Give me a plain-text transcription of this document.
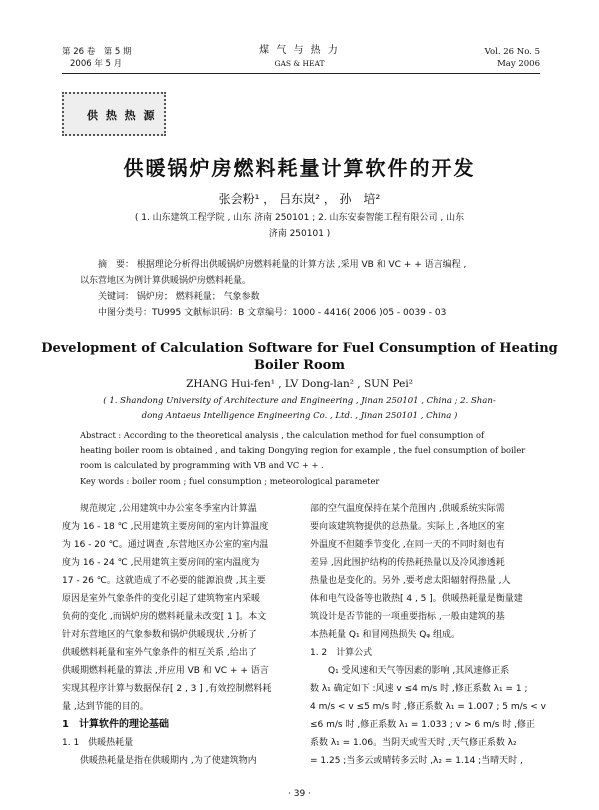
第 26 卷　第 5 期
2006 年 5 月
煤 气 与 热 力
GAS & HEAT
Vol. 26 No. 5
May 2006
供 热 热 源
供暖锅炉房燃料耗量计算软件的开发
张会粉¹ ， 吕东岚² ， 孙　培²
( 1. 山东建筑工程学院 , 山东 济南 250101 ; 2. 山东安泰智能工程有限公司 , 山东
济南 250101 )
摘　要： 根据理论分析得出供暖锅炉房燃料耗量的计算方法 ,采用 VB 和 VC + + 语言编程 ,
以东营地区为例计算供暖锅炉房燃料耗量。
关键词： 锅炉房； 燃料耗量； 气象参数
中图分类号：TU995 文献标识码：B 文章编号：1000 - 4416( 2006 )05 - 0039 - 03
Development of Calculation Software for Fuel Consumption of Heating
Boiler Room
ZHANG Hui-fen¹ , LV Dong-lan² , SUN Pei²
( 1. Shandong University of Architecture and Engineering , Jinan 250101 , China ; 2. Shan-
dong Antaeus Intelligence Engineering Co. , Ltd. , Jinan 250101 , China )
Abstract : According to the theoretical analysis , the calculation method for fuel consumption of
heating boiler room is obtained , and taking Dongying region for example , the fuel consumption of boiler
room is calculated by programming with VB and VC + + .
Key words : boiler room ; fuel consumption ; meteorological parameter

规范规定 ,公用建筑中办公室冬季室内计算温

度为 16 - 18 ℃ ,民用建筑主要房间的室内计算温度

为 16 - 20 ℃。通过调查 ,东营地区办公室的室内温

度为 16 - 24 ℃ ,民用建筑主要房间的室内温度为

17 - 26 ℃。这就造成了不必要的能源浪费 ,其主要

原因是室外气象条件的变化引起了建筑物室内采暖

负荷的变化 ,而锅炉房的燃料耗量未改变[ 1 ]。本文

针对东营地区的气象参数和锅炉供暖现状 ,分析了

供暖燃料耗量和室外气象条件的相互关系 ,给出了

供暖期燃料耗量的算法 ,并应用 VB 和 VC + + 语言

实现其程序计算与数据保存[ 2 , 3 ] ,有效控制燃料耗

量 ,达到节能的目的。

1　计算软件的理论基础

1. 1　供暖热耗量

供暖热耗量是指在供暖期内 ,为了使建筑物内

部的空气温度保持在某个范围内 ,供暖系统实际需

要向该建筑物提供的总热量。实际上 ,各地区的室

外温度不但随季节变化 ,在同一天的不同时刻也有

差异 ,因此围护结构的传热耗热量以及冷风渗透耗

热量也是变化的。另外 ,要考虑太阳辐射得热量 ,人

体和电气设备等也散热[ 4 , 5 ]。供暖热耗量是衡量建

筑设计是否节能的一项重要指标 ,一般由建筑的基

本热耗量 Q₁ 和冒网热损失 Qᵩ 组成。

1. 2　计算公式

Q₁ 受风速和天气等因素的影响 ,其风速修正系

数 λ₁ 确定如下 :风速 v ≤4 m/s 时 ,修正系数 λ₁ = 1 ;

4 m/s < v ≤5 m/s 时 ,修正系数 λ₁ = 1.007 ; 5 m/s < v

≤6 m/s 时 ,修正系数 λ₁ = 1.033 ; v > 6 m/s 时 ,修正

系数 λ₁ = 1.06。当阴天或雪天时 ,天气修正系数 λ₂

= 1.25 ;当多云或晴转多云时 ,λ₂ = 1.14 ;当晴天时 ,

· 39 ·
